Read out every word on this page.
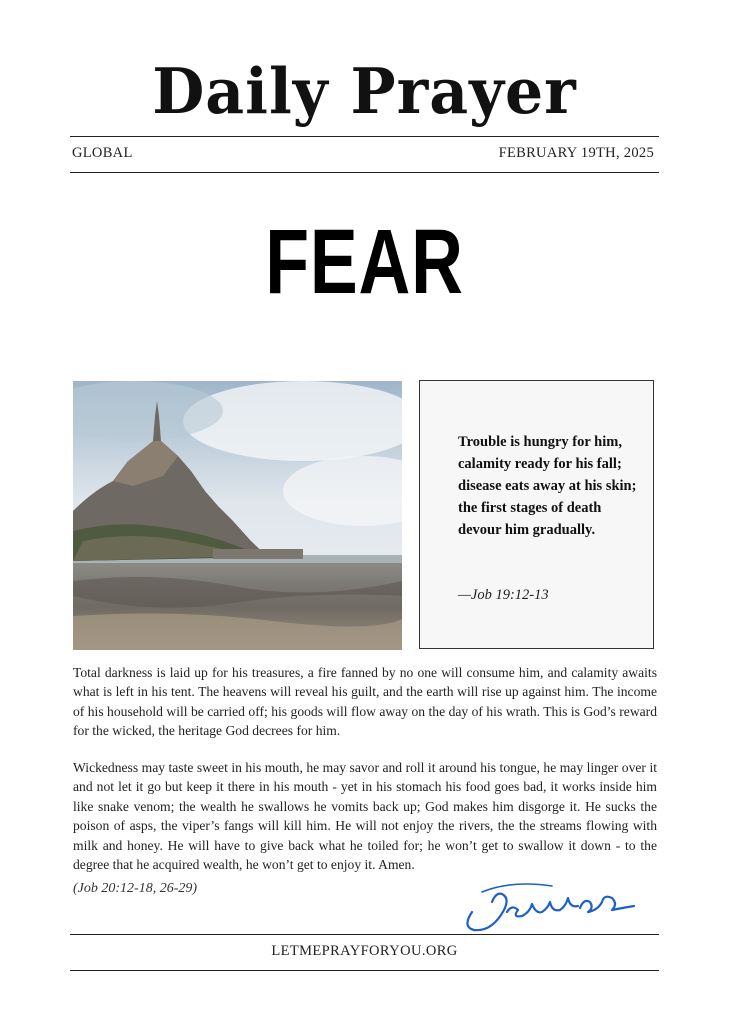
Daily Prayer
GLOBAL	FEBRUARY 19TH, 2025
FEAR
Trouble is hungry for him, calamity ready for his fall; disease eats away at his skin; the first stages of death devour him gradually.
—Job 19:12-13

Total darkness is laid up for his treasures, a fire fanned by no one will consume him, and calamity awaits what is left in his tent. The heavens will reveal his guilt, and the earth will rise up against him. The income of his household will be carried off; his goods will flow away on the day of his wrath. This is God’s reward for the wicked, the heritage God decrees for him.

Wickedness may taste sweet in his mouth, he may savor and roll it around his tongue, he may linger over it and not let it go but keep it there in his mouth - yet in his stomach his food goes bad, it works inside him like snake venom; the wealth he swallows he vomits back up; God makes him disgorge it. He sucks the poison of asps, the viper’s fangs will kill him. He will not enjoy the rivers, the the streams flowing with milk and honey. He will have to give back what he toiled for; he won’t get to swallow it down - to the degree that he acquired wealth, he won’t get to enjoy it. Amen.

(Job 20:12-18, 26-29)
LETMEPRAYFORYOU.ORG
